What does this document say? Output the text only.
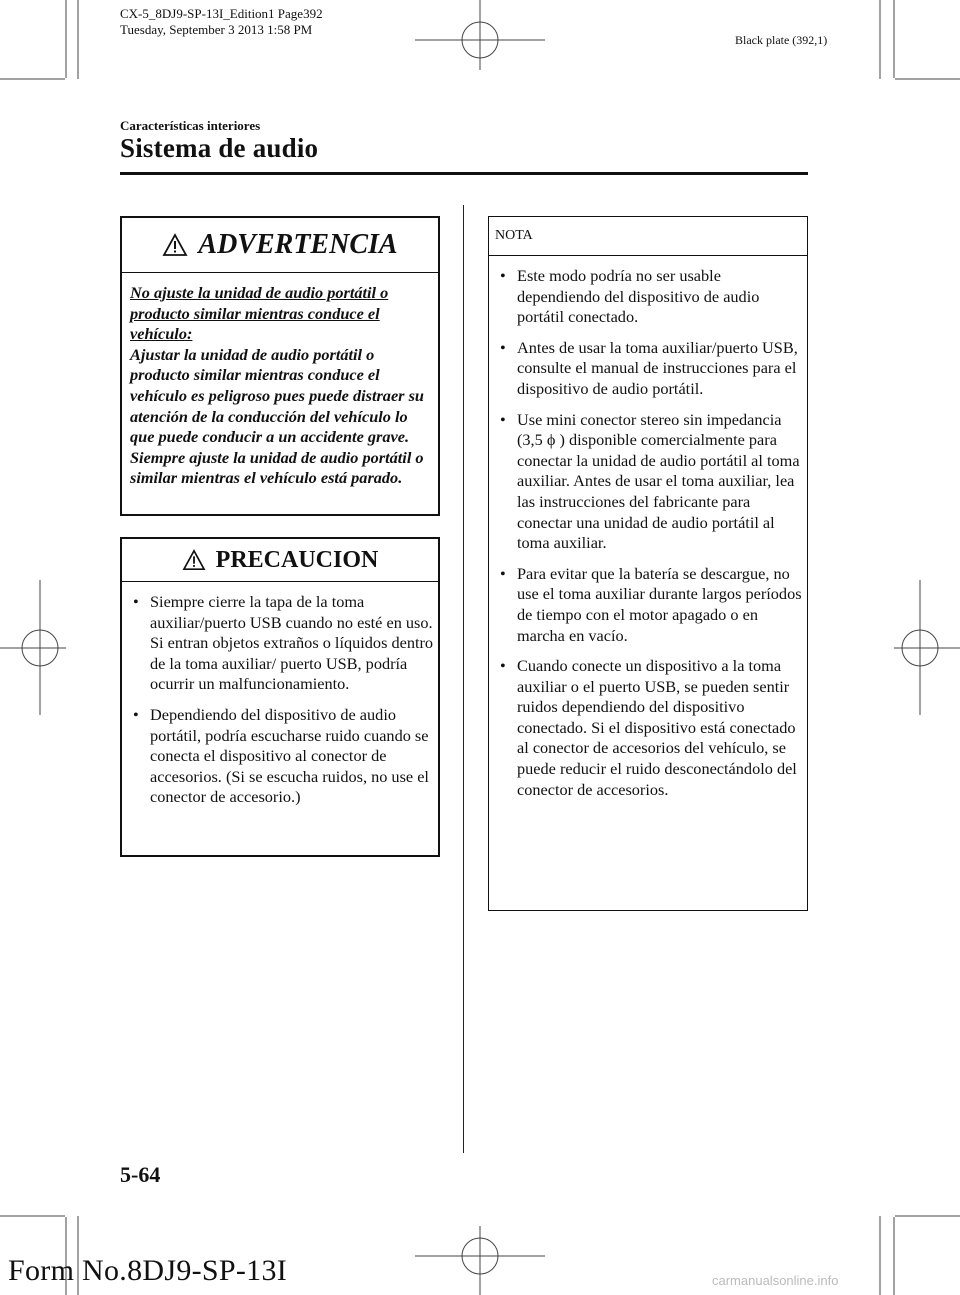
CX-5_8DJ9-SP-13I_Edition1 Page392
Tuesday, September 3 2013 1:58 PM
Black plate (392,1)
Características interiores
Sistema de audio
ADVERTENCIA
No ajuste la unidad de audio portátil o producto similar mientras conduce el vehículo:
Ajustar la unidad de audio portátil o producto similar mientras conduce el vehículo es peligroso pues puede distraer su atención de la conducción del vehículo lo que puede conducir a un accidente grave. Siempre ajuste la unidad de audio portátil o similar mientras el vehículo está parado.
PRECAUCION
• Siempre cierre la tapa de la toma auxiliar/puerto USB cuando no esté en uso. Si entran objetos extraños o líquidos dentro de la toma auxiliar/ puerto USB, podría ocurrir un malfuncionamiento.
• Dependiendo del dispositivo de audio portátil, podría escucharse ruido cuando se conecta el dispositivo al conector de accesorios. (Si se escucha ruidos, no use el conector de accesorio.)
NOTA
• Este modo podría no ser usable dependiendo del dispositivo de audio portátil conectado.
• Antes de usar la toma auxiliar/puerto USB, consulte el manual de instrucciones para el dispositivo de audio portátil.
• Use mini conector stereo sin impedancia (3,5 ϕ ) disponible comercialmente para conectar la unidad de audio portátil al toma auxiliar. Antes de usar el toma auxiliar, lea las instrucciones del fabricante para conectar una unidad de audio portátil al toma auxiliar.
• Para evitar que la batería se descargue, no use el toma auxiliar durante largos períodos de tiempo con el motor apagado o en marcha en vacío.
• Cuando conecte un dispositivo a la toma auxiliar o el puerto USB, se pueden sentir ruidos dependiendo del dispositivo conectado. Si el dispositivo está conectado al conector de accesorios del vehículo, se puede reducir el ruido desconectándolo del conector de accesorios.
5-64
Form No.8DJ9-SP-13I	carmanualsonline.info
